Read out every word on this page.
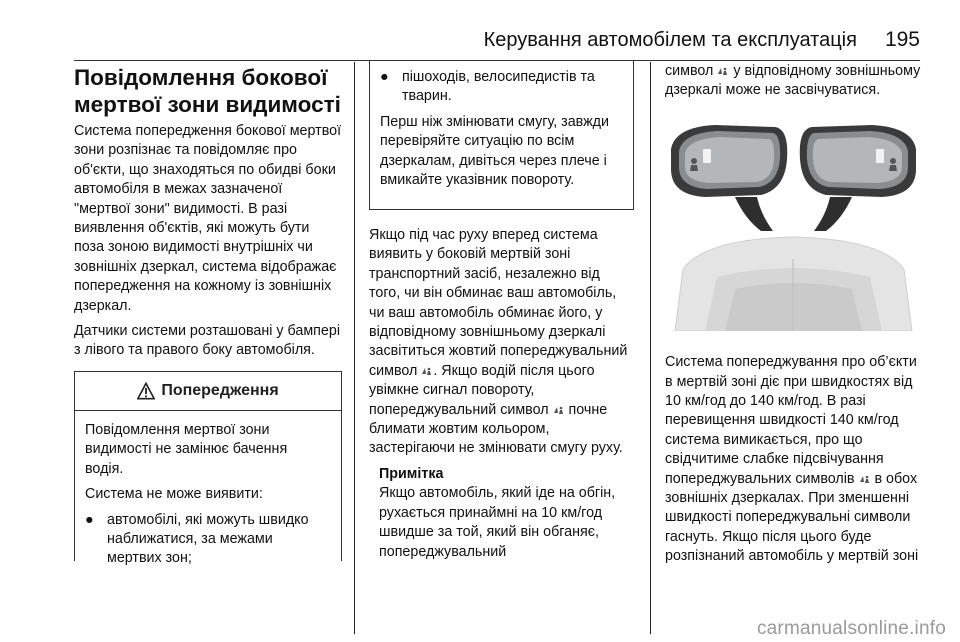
Керування автомобілем та експлуатація 195
Повідомлення бокової мертвої зони видимості

Система попередження бокової мертвої зони розпізнає та повідомляє про об'єкти, що знаходяться по обидві боки автомобіля в межах зазначеної "мертвої зони" видимості. В разі виявлення об'єктів, які можуть бути поза зоною видимості внутрішніх чи зовнішніх дзеркал, система відображає попередження на кожному із зовнішніх дзеркал.

Датчики системи розташовані у бампері з лівого та правого боку автомобіля.

Попередження

Повідомлення мертвої зони видимості не замінює бачення водія.

Система не може виявити:

● автомобілі, які можуть швидко наближатися, за межами мертвих зон;
● пішоходів, велосипедистів та тварин.

Перш ніж змінювати смугу, завжди перевіряйте ситуацію по всім дзеркалам, дивіться через плече і вмикайте указівник повороту.

Якщо під час руху вперед система виявить у боковій мертвій зоні транспортний засіб, незалежно від того, чи він обминає ваш автомобіль, чи ваш автомобіль обминає його, у відповідному зовнішньому дзеркалі засвітиться жовтий попереджувальний символ
. Якщо водій після цього увімкне сигнал повороту, попереджувальний символ
почне блимати жовтим кольором, застерігаючи не змінювати смугу руху.

Примітка
Якщо автомобіль, який іде на обгін, рухається принаймні на 10 км/год швидше за той, який він обганяє, попереджувальний

символ
у відповідному зовнішньому дзеркалі може не засвічуватися.

Система попереджування про об’єкти в мертвій зоні діє при швидкостях від 10 км/год до 140 км/год. В разі перевищення швидкості 140 км/год система вимикається, про що свідчитиме слабке підсвічування попереджувальних символів
в обох зовнішніх дзеркалах. При зменшенні швидкості попереджувальні символи гаснуть. Якщо після цього буде розпізнаний автомобіль у мертвій зоні

carmanualsonline.info
